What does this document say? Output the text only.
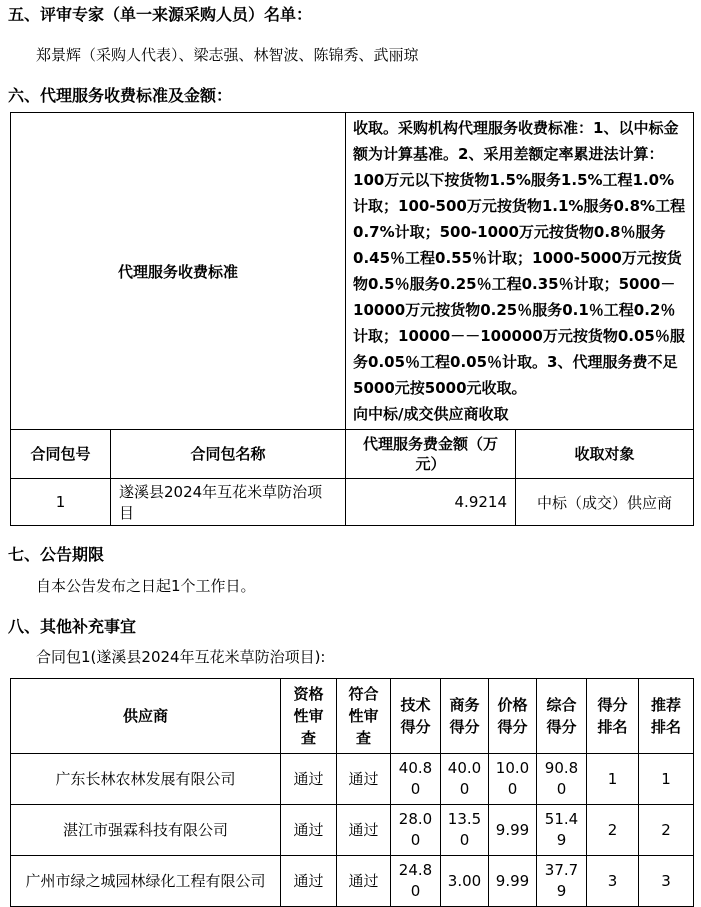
五、评审专家（单一来源采购人员）名单：
郑景辉（采购人代表）、梁志强、林智波、陈锦秀、武丽琼
六、代理服务收费标准及金额：
代理服务收费标准		收取。采购机构代理服务收费标准：1、以中标金额为计算基准。2、采用差额定率累进法计算：100万元以下按货物1.5%服务1.5%工程1.0%计取；100-500万元按货物1.1%服务0.8%工程0.7%计取；500-1000万元按货物0.8％服务0.45％工程0.55％计取；1000-5000万元按货物0.5％服务0.25％工程0.35％计取；5000－10000万元按货物0.25％服务0.1％工程0.2％计取；10000－－100000万元按货物0.05％服务0.05％工程0.05％计取。3、代理服务费不足5000元按5000元收取。
向中标/成交供应商收取	

合同包号	合同包名称	代理服务费金额（万元）	收取对象
1	遂溪县2024年互花米草防治项目	4.9214	中标（成交）供应商
七、公告期限
自本公告发布之日起1个工作日。
八、其他补充事宜
合同包1(遂溪县2024年互花米草防治项目):
供应商	资格性审查	符合性审查	技术得分	商务得分	价格得分	综合得分	得分排名	推荐排名
广东长林农林发展有限公司	通过	通过	40.80	40.00	10.00	90.80	1	1
湛江市强霖科技有限公司	通过	通过	28.00	13.50	9.99	51.49	2	2
广州市绿之城园林绿化工程有限公司	通过	通过	24.80	3.00	9.99	37.79	3	3
